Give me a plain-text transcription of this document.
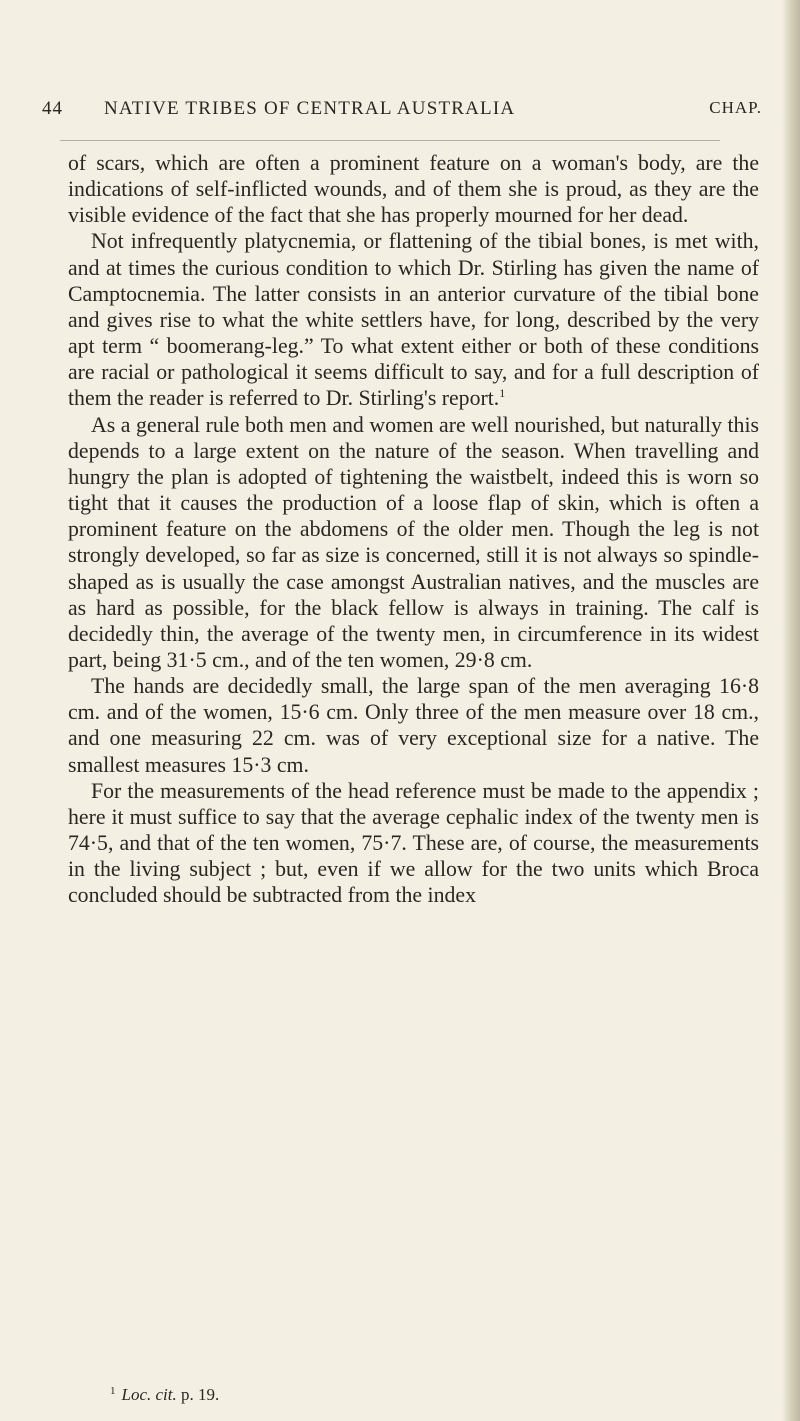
44 NATIVE TRIBES OF CENTRAL AUSTRALIA	CHAP.

of scars, which are often a prominent feature on a woman's body, are the indications of self-inflicted wounds, and of them she is proud, as they are the visible evidence of the fact that she has properly mourned for her dead.

Not infrequently platycnemia, or flattening of the tibial bones, is met with, and at times the curious condition to which Dr. Stirling has given the name of Camptocnemia. The latter consists in an anterior curvature of the tibial bone and gives rise to what the white settlers have, for long, described by the very apt term “ boomerang-leg.” To what extent either or both of these conditions are racial or pathological it seems difficult to say, and for a full description of them the reader is referred to Dr. Stirling's report.$^1$

As a general rule both men and women are well nourished, but naturally this depends to a large extent on the nature of the season. When travelling and hungry the plan is adopted of tightening the waistbelt, indeed this is worn so tight that it causes the production of a loose flap of skin, which is often a prominent feature on the abdomens of the older men. Though the leg is not strongly developed, so far as size is concerned, still it is not always so spindle-shaped as is usually the case amongst Australian natives, and the muscles are as hard as possible, for the black fellow is always in training. The calf is decidedly thin, the average of the twenty men, in circumference in its widest part, being 31·5 cm., and of the ten women, 29·8 cm.

The hands are decidedly small, the large span of the men averaging 16·8 cm. and of the women, 15·6 cm. Only three of the men measure over 18 cm., and one measuring 22 cm. was of very exceptional size for a native. The smallest measures 15·3 cm.

For the measurements of the head reference must be made to the appendix ; here it must suffice to say that the average cephalic index of the twenty men is 74·5, and that of the ten women, 75·7. These are, of course, the measurements in the living subject ; but, even if we allow for the two units which Broca concluded should be subtracted from the index

$^1$ Loc. cit. p. 19.
